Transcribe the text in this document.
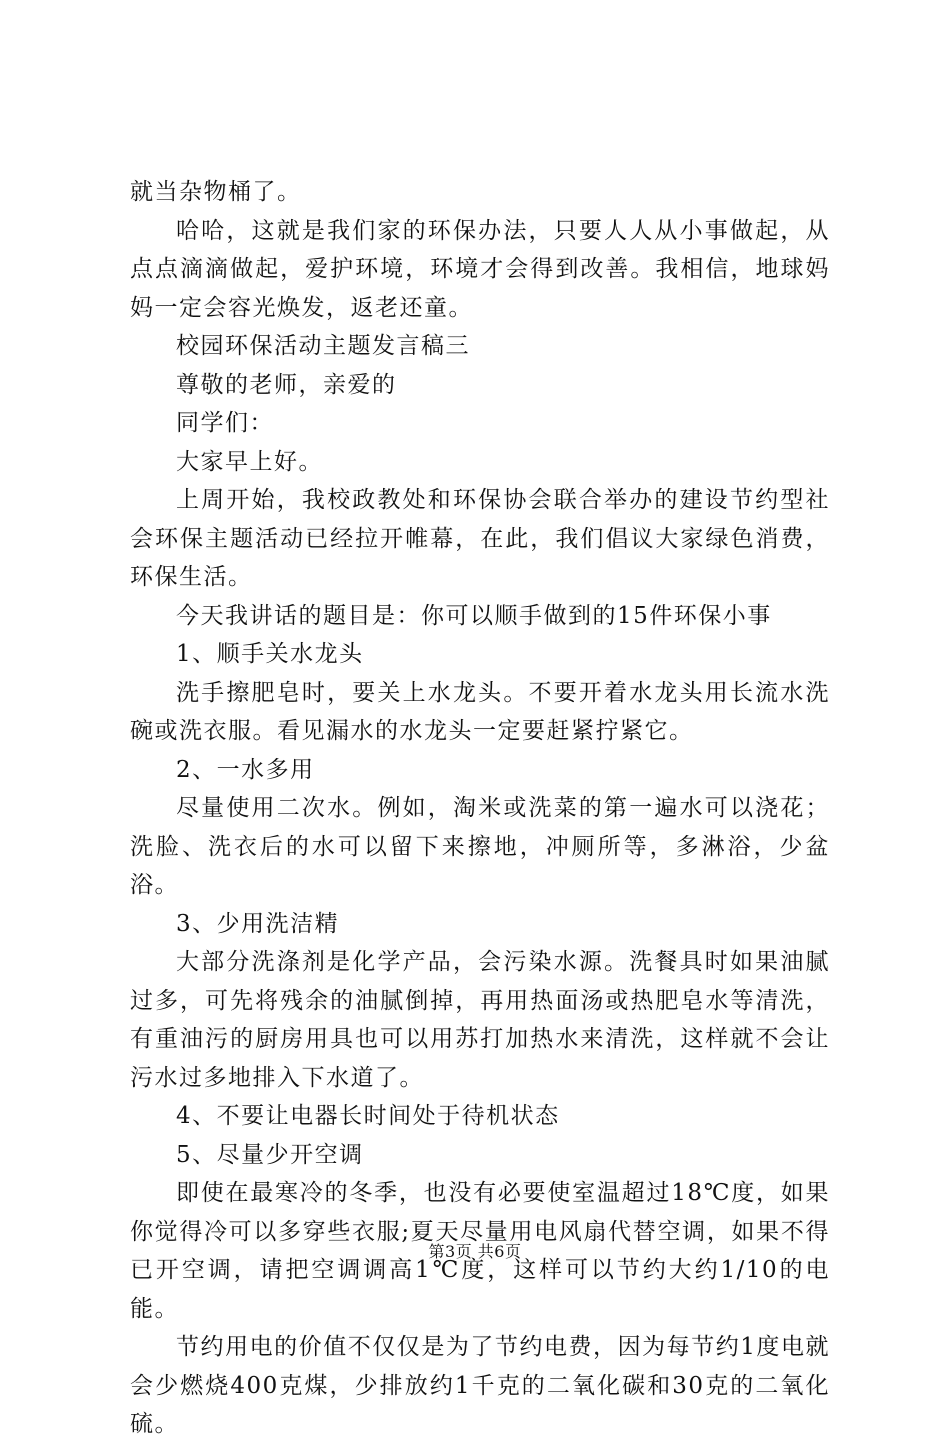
就当杂物桶了。

哈哈，这就是我们家的环保办法，只要人人从小事做起，从点点滴滴做起，爱护环境，环境才会得到改善。我相信，地球妈妈一定会容光焕发，返老还童。

校园环保活动主题发言稿三

尊敬的老师，亲爱的

同学们：

大家早上好。

上周开始，我校政教处和环保协会联合举办的建设节约型社会环保主题活动已经拉开帷幕，在此，我们倡议大家绿色消费，环保生活。

今天我讲话的题目是：你可以顺手做到的15件环保小事

1、顺手关水龙头

洗手擦肥皂时，要关上水龙头。不要开着水龙头用长流水洗碗或洗衣服。看见漏水的水龙头一定要赶紧拧紧它。

2、一水多用

尽量使用二次水。例如，淘米或洗菜的第一遍水可以浇花；洗脸、洗衣后的水可以留下来擦地，冲厕所等，多淋浴，少盆浴。

3、少用洗洁精

大部分洗涤剂是化学产品，会污染水源。洗餐具时如果油腻过多，可先将残余的油腻倒掉，再用热面汤或热肥皂水等清洗，有重油污的厨房用具也可以用苏打加热水来清洗，这样就不会让污水过多地排入下水道了。

4、不要让电器长时间处于待机状态

5、尽量少开空调

即使在最寒冷的冬季，也没有必要使室温超过18℃度，如果你觉得冷可以多穿些衣服;夏天尽量用电风扇代替空调，如果不得已开空调，请把空调调高1℃度，这样可以节约大约1/10的电能。

节约用电的价值不仅仅是为了节约电费，因为每节约1度电就会少燃烧400克煤，少排放约1千克的二氧化碳和30克的二氧化硫。

第3页 共6页
